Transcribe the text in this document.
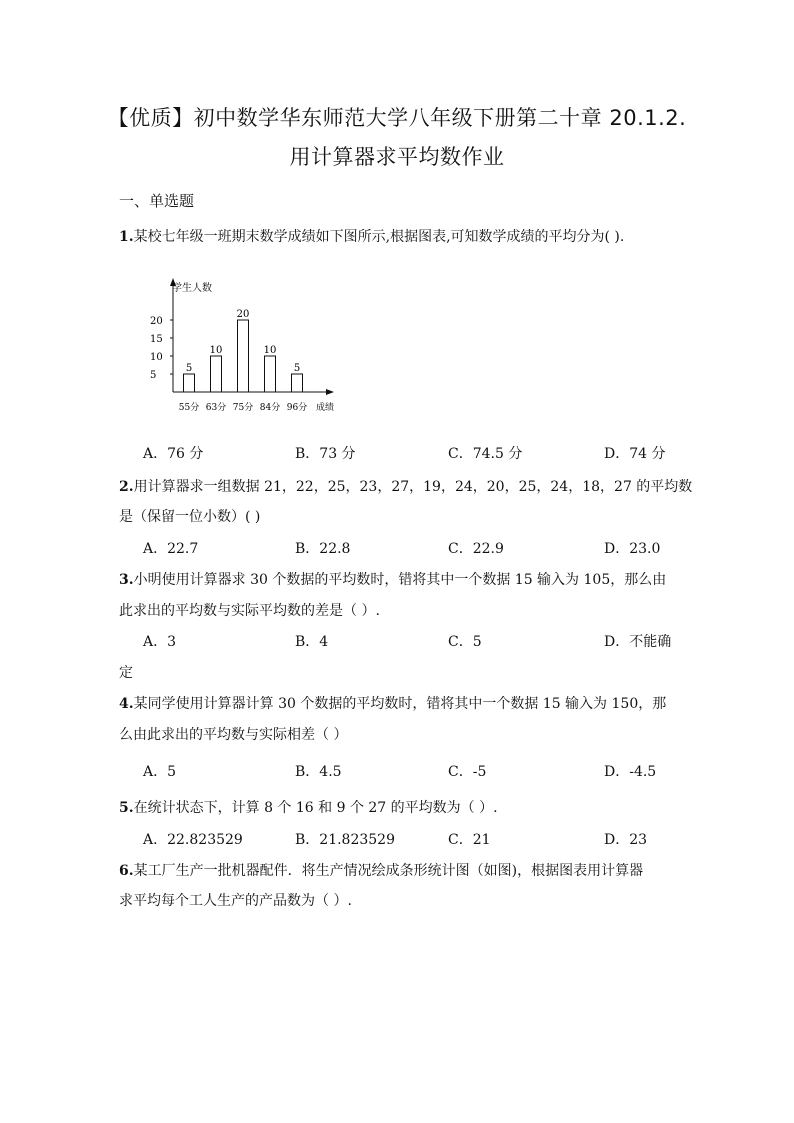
【优质】初中数学华东师范大学八年级下册第二十章 20.1.2.
用计算器求平均数作业
一、单选题
1.某校七年级一班期末数学成绩如下图所示,根据图表,可知数学成绩的平均分为( ).
学生人数
成绩
20
15
10
5
5
55分
10
63分
20
75分
10
84分
5
96分
A．76 分	B．73 分	C．74.5 分	D．74 分
2.用计算器求一组数据 21，22，25，23，27，19，24，20，25，24，18，27 的平均数
是（保留一位小数）( )
A．22.7	B．22.8	C．22.9	D．23.0
3.小明使用计算器求 30 个数据的平均数时，错将其中一个数据 15 输入为 105，那么由
此求出的平均数与实际平均数的差是（ ）.
A．3	B．4	C．5	D．不能确
定
4.某同学使用计算器计算 30 个数据的平均数时，错将其中一个数据 15 输入为 150，那
么由此求出的平均数与实际相差（ ）
A．5	B．4.5	C．-5	D．-4.5
5.在统计状态下，计算 8 个 16 和 9 个 27 的平均数为（ ）.
A．22.823529	B．21.823529	C．21	D．23
6.某工厂生产一批机器配件．将生产情况绘成条形统计图（如图)，根据图表用计算器
求平均每个工人生产的产品数为（ ）.
